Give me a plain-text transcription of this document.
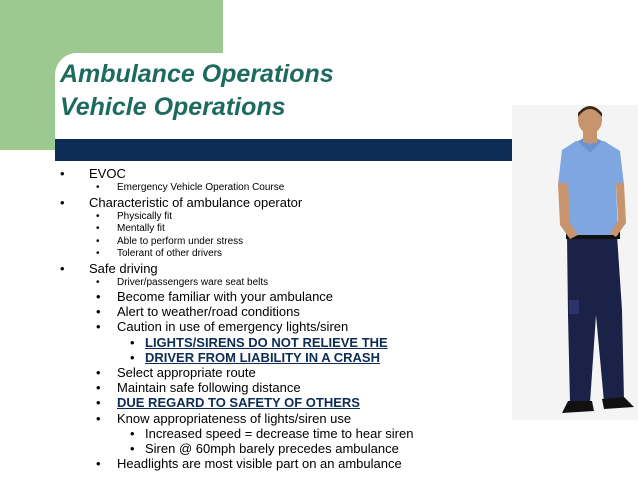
Ambulance Operations
Vehicle Operations
• EVOC
• Emergency Vehicle Operation Course
• Characteristic of ambulance operator
• Physically fit
• Mentally fit
• Able to perform under stress
• Tolerant of other drivers
• Safe driving
• Driver/passengers ware seat belts
• Become familiar with your ambulance
• Alert to weather/road conditions
• Caution in use of emergency lights/siren
• LIGHTS/SIRENS DO NOT RELIEVE THE
• DRIVER FROM LIABILITY IN A CRASH
• Select appropriate route
• Maintain safe following distance
• DUE REGARD TO SAFETY OF OTHERS
• Know appropriateness of lights/siren use
• Increased speed = decrease time to hear siren
• Siren @ 60mph barely precedes ambulance
• Headlights are most visible part on an ambulance
